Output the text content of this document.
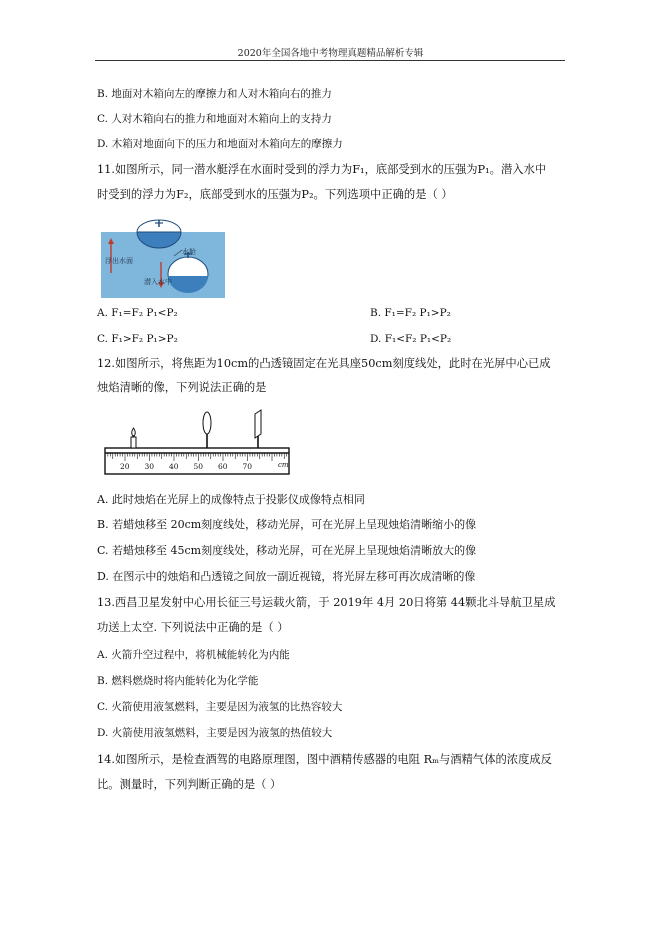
2020年全国各地中考物理真题精品解析专辑
B. 地面对木箱向左的摩擦力和人对木箱向右的推力
C. 人对木箱向右的推力和地面对木箱向上的支持力
D. 木箱对地面向下的压力和地面对木箱向左的摩擦力
11.如图所示，同一潜水艇浮在水面时受到的浮力为F₁，底部受到水的压强为P₁。潜入水中
时受到的浮力为F₂，底部受到水的压强为P₂。下列选项中正确的是（ ）
浮出水面
水舱
潜入水中
A. F₁=F₂ P₁<P₂	B. F₁=F₂ P₁>P₂
C. F₁>F₂ P₁>P₂	D. F₁<F₂ P₁<P₂
12.如图所示，将焦距为10cm的凸透镜固定在光具座50cm刻度线处，此时在光屏中心已成
烛焰清晰的像，下列说法正确的是
20 30 40 50 60 70	cm
A. 此时烛焰在光屏上的成像特点于投影仪成像特点相同
B. 若蜡烛移至 20cm刻度线处，移动光屏，可在光屏上呈现烛焰清晰缩小的像
C. 若蜡烛移至 45cm刻度线处，移动光屏，可在光屏上呈现烛焰清晰放大的像
D. 在图示中的烛焰和凸透镜之间放一副近视镜，将光屏左移可再次成清晰的像
13.西昌卫星发射中心用长征三号运载火箭，于 2019年 4月 20日将第 44颗北斗导航卫星成
功送上太空. 下列说法中正确的是（ ）
A. 火箭升空过程中，将机械能转化为内能
B. 燃料燃烧时将内能转化为化学能
C. 火箭使用液氢燃料，主要是因为液氢的比热容较大
D. 火箭使用液氢燃料，主要是因为液氢的热值较大
14.如图所示，是检查酒驾的电路原理图，图中酒精传感器的电阻 Rₘ与酒精气体的浓度成反
比。测量时，下列判断正确的是（ ）
